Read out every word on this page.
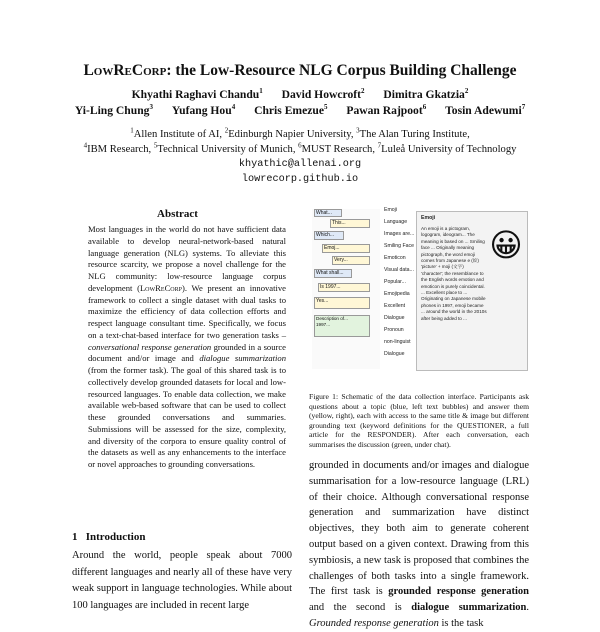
LowReCorp: the Low-Resource NLG Corpus Building Challenge
Khyathi Raghavi Chandu$^1$ David Howcroft$^2$ Dimitra Gkatzia$^2$
Yi-Ling Chung$^3$ Yufang Hou$^4$ Chris Emezue$^5$ Pawan Rajpoot$^6$ Tosin Adewumi$^7$
$^1$Allen Institute of AI, $^2$Edinburgh Napier University, $^3$The Alan Turing Institute,
$^4$IBM Research, $^5$Technical University of Munich, $^6$MUST Research, $^7$Luleå University of Technology
khyathic@allenai.org
lowrecorp.github.io
Abstract
Most languages in the world do not have sufficient data available to develop neural-network-based natural language generation (NLG) systems. To alleviate this resource scarcity, we propose a novel challenge for the NLG community: low-resource language corpus development (LowReCorp). We present an innovative framework to collect a single dataset with dual tasks to maximize the efficiency of data collection efforts and respect language consultant time. Specifically, we focus on a text-chat-based interface for two generation tasks – conversational response generation grounded in a source document and/or image and dialogue summarization (from the former task). The goal of this shared task is to collectively develop grounded datasets for local and low-resourced languages. To enable data collection, we make available web-based software that can be used to collect these grounded conversations and summaries. Submissions will be assessed for the size, complexity, and diversity of the corpora to ensure quality control of the datasets as well as any enhancements to the interface or novel approaches to grounding conversations.
1   Introduction
Around the world, people speak about 7000 different languages and nearly all of these have very weak support in language technologies. While about 100 languages are included in recent large
What...
This...
Which...
Emoj...
Very...
What shall...
Is 1997...
Yes...
Description of...
1997...
Emoji
Language
Images are...
Smiling Face
Emoticon
Visual data...
Popular...
Emojipedia
Excellent
Dialogue
Pronoun
non-linguist
Dialogue
Emoji
An emoji is a pictogram, logogram, ideogram... The meaning is based on ... Smiling face ... Originally meaning pictograph, the word emoji comes from Japanese e (絵) 'picture' + moji (文字) 'character'; the resemblance to the English words emotion and emoticon is purely coincidental. ... Excellent place to ... Originating on Japanese mobile phones in 1997, emoji became ... around the world in the 2010s after being added to ...
😀
Figure 1: Schematic of the data collection interface. Participants ask questions about a topic (blue, left text bubbles) and answer them (yellow, right), each with access to the same title & image but different grounding text (keyword definitions for the QUESTIONER, a full article for the RESPONDER). After each conversation, each summarises the discussion (green, under chat).
grounded in documents and/or images and dialogue summarisation for a low-resource language (LRL) of their choice. Although conversational response generation and summarization have distinct objectives, they both aim to generate coherent output based on a given context. Drawing from this symbiosis, a new task is proposed that combines the challenges of both tasks into a single framework. The first task is grounded response generation and the second is dialogue summarization. Grounded response generation is the task
